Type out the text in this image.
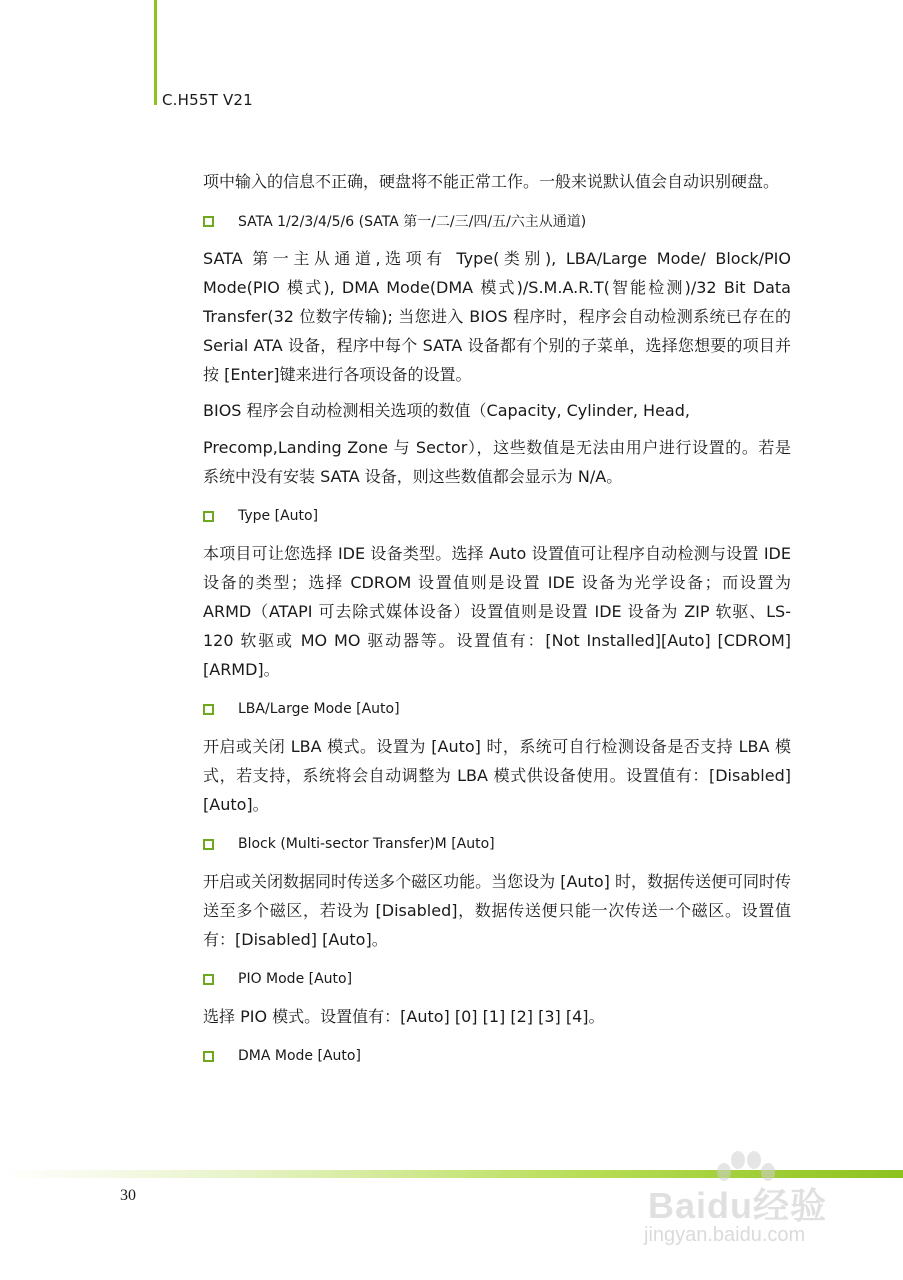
C.H55T V21

项中输入的信息不正确，硬盘将不能正常工作。一般来说默认值会自动识别硬盘。

SATA 1/2/3/4/5/6 (SATA 第一/二/三/四/五/六主从通道)

SATA 第一主从通道,选项有 Type(类别), LBA/Large Mode/ Block/PIO Mode(PIO 模式), DMA Mode(DMA 模式)/S.M.A.R.T(智能检测)/32 Bit Data Transfer(32 位数字传输); 当您进入 BIOS 程序时，程序会自动检测系统已存在的 Serial ATA 设备，程序中每个 SATA 设备都有个别的子菜单，选择您想要的项目并按 [Enter]键来进行各项设备的设置。

BIOS 程序会自动检测相关选项的数值（Capacity, Cylinder, Head,

Precomp,Landing Zone 与 Sector），这些数值是无法由用户进行设置的。若是系统中没有安装 SATA 设备，则这些数值都会显示为 N/A。

Type [Auto]

本项目可让您选择 IDE 设备类型。选择 Auto 设置值可让程序自动检测与设置 IDE 设备的类型；选择 CDROM 设置值则是设置 IDE 设备为光学设备；而设置为 ARMD（ATAPI 可去除式媒体设备）设置值则是设置 IDE 设备为 ZIP 软驱、LS-120 软驱或 MO MO 驱动器等。设置值有：[Not Installed][Auto] [CDROM] [ARMD]。

LBA/Large Mode [Auto]

开启或关闭 LBA 模式。设置为 [Auto] 时，系统可自行检测设备是否支持 LBA 模式，若支持，系统将会自动调整为 LBA 模式供设备使用。设置值有：[Disabled] [Auto]。

Block (Multi-sector Transfer)M [Auto]

开启或关闭数据同时传送多个磁区功能。当您设为 [Auto] 时，数据传送便可同时传送至多个磁区，若设为 [Disabled]，数据传送便只能一次传送一个磁区。设置值有：[Disabled] [Auto]。

PIO Mode [Auto]

选择 PIO 模式。设置值有：[Auto] [0] [1] [2] [3] [4]。

DMA Mode [Auto]
30	Baidu经验
jingyan.baidu.com
